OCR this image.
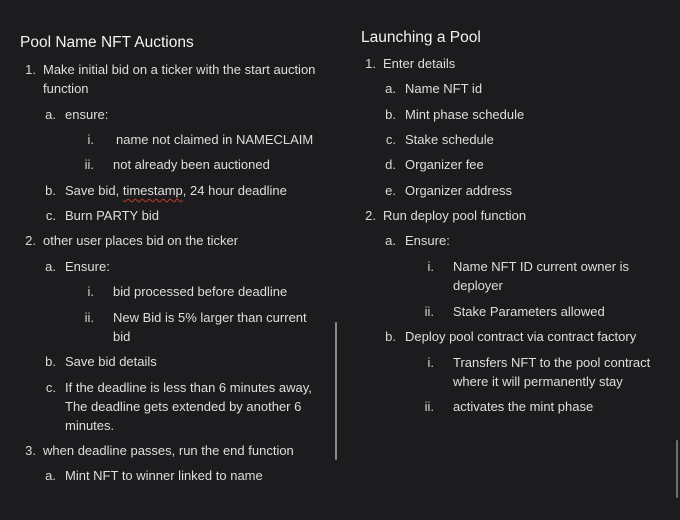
Pool Name NFT Auctions
1. Make initial bid on a ticker with the start auction function
a. ensure:
i. name not claimed in NAMECLAIM
ii. not already been auctioned
b. Save bid, timestamp, 24 hour deadline
c. Burn PARTY bid
2. other user places bid on the ticker
a. Ensure:
i. bid processed before deadline
ii. New Bid is 5% larger than current bid
b. Save bid details
c. If the deadline is less than 6 minutes away, The deadline gets extended by another 6 minutes.
3. when deadline passes, run the end function
a. Mint NFT to winner linked to name
Launching a Pool
1. Enter details
a. Name NFT id
b. Mint phase schedule
c. Stake schedule
d. Organizer fee
e. Organizer address
2. Run deploy pool function
a. Ensure:
i. Name NFT ID current owner is deployer
ii. Stake Parameters allowed
b. Deploy pool contract via contract factory
i. Transfers NFT to the pool contract where it will permanently stay
ii. activates the mint phase
